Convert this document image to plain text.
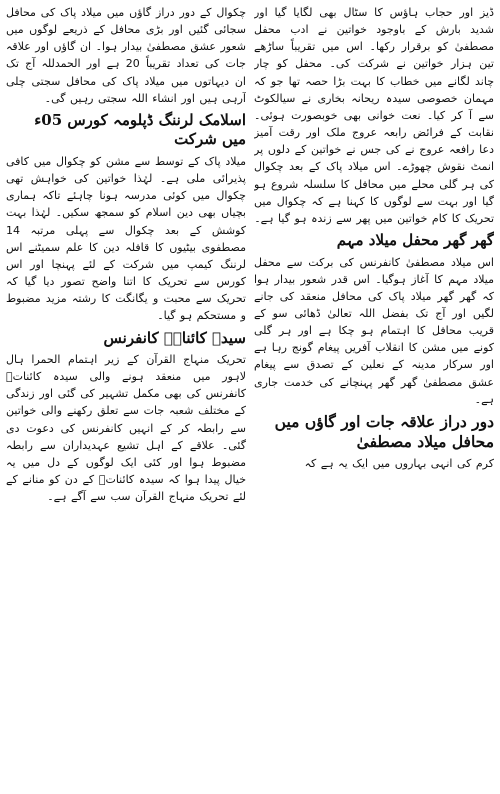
ڈیز اور حجاب ہاؤس کا سٹال بھی لگایا گیا اور شدید بارش کے باوجود خواتین نے ادب محفل مصطفیٰ کو برقرار رکھا۔ اس میں تقریباً ساڑھے تین ہزار خواتین نے شرکت کی۔ محفل کو چار چاند لگانے میں خطاب کا بہت بڑا حصہ تھا جو کہ مہمان خصوصی سیدہ ریحانہ بخاری نے سیالکوٹ سے آ کر کیا۔ نعت خوانی بھی خوبصورت ہوئی۔ نقابت کے فرائض رابعہ عروج ملک اور رقت آمیز دعا رافعہ عروج نے کی جس نے خواتین کے دلوں پر انمٹ نقوش چھوڑے۔ اس میلاد پاک کے بعد چکوال کی ہر گلی محلے میں محافل کا سلسلہ شروع ہو گیا اور بہت سے لوگوں کا کہنا ہے کہ چکوال میں تحریک کا کام خواتین میں پھر سے زندہ ہو گیا ہے۔

گھر گھر محفل میلاد مہم

اس میلاد مصطفیٰ کانفرنس کی برکت سے محفل میلاد مہم کا آغاز ہوگیا۔ اس قدر شعور بیدار ہوا کہ گھر گھر میلاد پاک کی محافل منعقد کی جانے لگیں اور آج تک بفضل اللہ تعالیٰ ڈھائی سو کے قریب محافل کا اہتمام ہو چکا ہے اور ہر گلی کونے میں مشن کا انقلاب آفریں پیغام گونج رہا ہے اور سرکار مدینہ کے نعلین کے تصدق سے پیغام عشق مصطفیٰ گھر گھر پہنچانے کی خدمت جاری ہے۔

دور دراز علاقہ جات اور گاؤں میں محافل میلاد مصطفیٰ

کرم کی انہی بہاروں میں ایک یہ ہے کہ

چکوال کے دور دراز گاؤں میں میلاد پاک کی محافل سجائی گئیں اور بڑی محافل کے ذریعے لوگوں میں شعور عشق مصطفیٰ بیدار ہوا۔ ان گاؤں اور علاقہ جات کی تعداد تقریباً 20 ہے اور الحمدللہ آج تک ان دیہاتوں میں میلاد پاک کی محافل سجتی چلی آرہی ہیں اور انشاء اللہ سجتی رہیں گی۔

اسلامک لرننگ ڈپلومہ کورس 05ء میں شرکت

میلاد پاک کے توسط سے مشن کو چکوال میں کافی پذیرائی ملی ہے۔ لہٰذا خواتین کی خواہش تھی چکوال میں کوئی مدرسہ ہونا چاہئے تاکہ ہماری بچیاں بھی دین اسلام کو سمجھ سکیں۔ لہٰذا بہت کوشش کے بعد چکوال سے پہلی مرتبہ 14 مصطفوی بیٹیوں کا قافلہ دین کا علم سمیٹنے اس لرننگ کیمپ میں شرکت کے لئے پہنچا اور اس کورس سے تحریک کا اتنا واضح تصور دیا گیا کہ تحریک سے محبت و یگانگت کا رشتہ مزید مضبوط و مستحکم ہو گیا۔

سیدہ کائناتؓ کانفرنس

تحریک منہاج القرآن کے زیر اہتمام الحمرا ہال لاہور میں منعقد ہونے والی سیدہ کائناتؓ کانفرنس کی بھی مکمل تشہیر کی گئی اور زندگی کے مختلف شعبہ جات سے تعلق رکھنے والی خواتین سے رابطہ کر کے انہیں کانفرنس کی دعوت دی گئی۔ علاقے کے اہل تشیع عہدیداران سے رابطہ مضبوط ہوا اور کئی ایک لوگوں کے دل میں یہ خیال پیدا ہوا کہ سیدہ کائناتؓ کے دن کو منانے کے لئے تحریک منہاج القرآن سب سے آگے ہے۔
